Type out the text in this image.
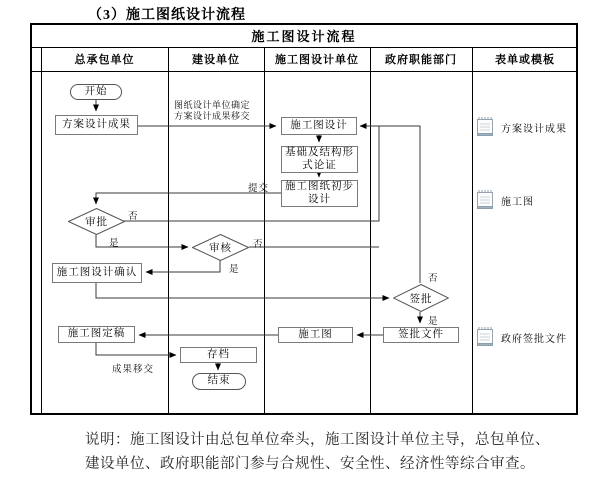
（3）施工图纸设计流程
施工图设计流程
总承包单位	建设单位	施工图设计单位	政府职能部门	表单或模板
开始
方案设计成果
审批
施工图设计确认
施工图定稿
图纸设计单位确定
方案设计成果移交
审核
存档
结束
施工图设计
基础及结构形式论证
施工图纸初步设计
施工图
签批
签批文件
提交
否
是	否
是
否
是
成果移交
方案设计成果
施工图
政府签批文件
说明：施工图设计由总包单位牵头，施工图设计单位主导，总包单位、
建设单位、政府职能部门参与合规性、安全性、经济性等综合审查。
